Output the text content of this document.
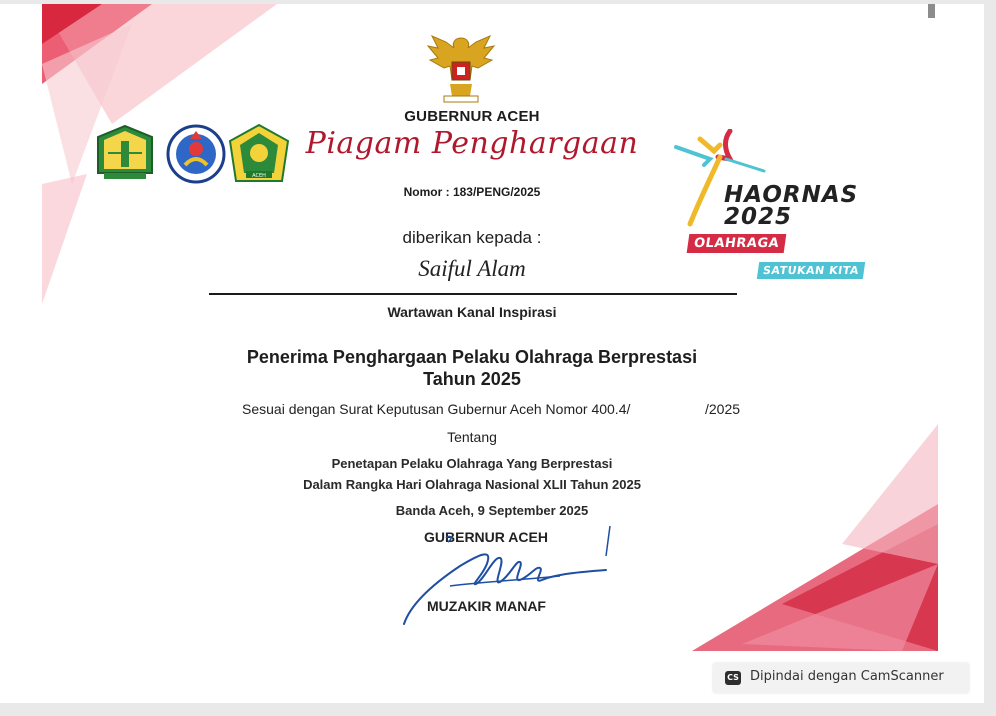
ACEH
GUBERNUR ACEH
Piagam Penghargaan
Nomor : 183/PENG/2025	HAORNAS
2025
OLAHRAGA
SATUKAN KITA
diberikan kepada :
Saiful Alam
Wartawan Kanal Inspirasi
Penerima Penghargaan Pelaku Olahraga Berprestasi
Tahun 2025
Sesuai dengan Surat Keputusan Gubernur Aceh Nomor 400.4/	/2025
Tentang
Penetapan Pelaku Olahraga Yang Berprestasi
Dalam Rangka Hari Olahraga Nasional XLII Tahun 2025
Banda Aceh, 9 September 2025
GUBERNUR ACEH
MUZAKIR MANAF
CS Dipindai dengan CamScanner
